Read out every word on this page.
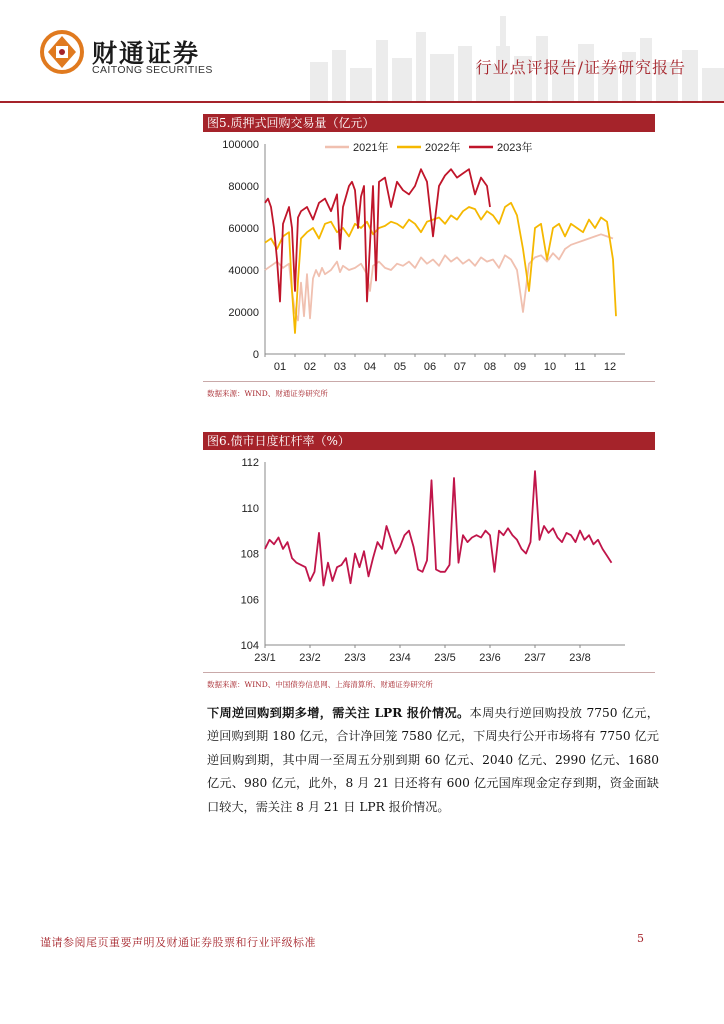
财通证券
CAITONG SECURITIES	行业点评报告/证券研究报告
图5.质押式回购交易量（亿元）
0
20000
40000
60000
80000
100000
01 02 03 04 05 06 07 08 09 10 11 12
2021年	2022年	2023年
数据来源：WIND、财通证券研究所
图6.债市日度杠杆率（%）
104
106
108
110
112
23/1 23/2 23/3 23/4 23/5 23/6 23/7 23/8
数据来源：WIND、中国债券信息网、上海清算所、财通证券研究所
下周逆回购到期多增，需关注 LPR 报价情况。本周央行逆回购投放 7750 亿元，逆回购到期 180 亿元，合计净回笼 7580 亿元，下周央行公开市场将有 7750 亿元逆回购到期，其中周一至周五分别到期 60 亿元、2040 亿元、2990 亿元、1680 亿元、980 亿元，此外，8 月 21 日还将有 600 亿元国库现金定存到期，资金面缺口较大，需关注 8 月 21 日 LPR 报价情况。
谨请参阅尾页重要声明及财通证券股票和行业评级标准	5
